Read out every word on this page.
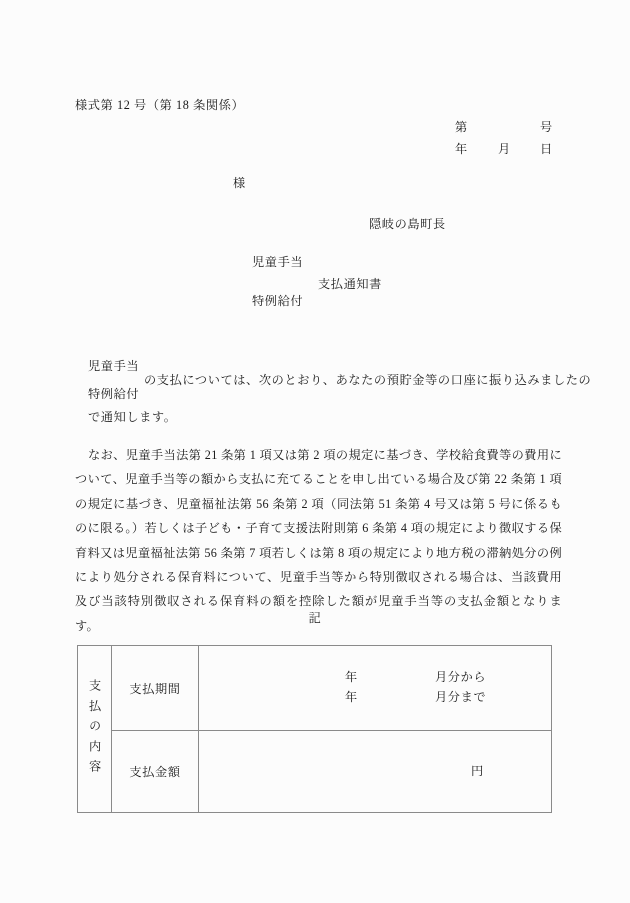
様式第 12 号（第 18 条関係）
第	号
年 月 日
様
隠岐の島町長
児童手当
特例給付
支払通知書
児童手当
特例給付
の支払については、次のとおり、あなたの預貯金等の口座に振り込みましたの
で通知します。
なお、児童手当法第 21 条第 1 項又は第 2 項の規定に基づき、学校給食費等の費用について、児童手当等の額から支払に充てることを申し出ている場合及び第 22 条第 1 項の規定に基づき、児童福祉法第 56 条第 2 項（同法第 51 条第 4 号又は第 5 号に係るものに限る。）若しくは子ども・子育て支援法附則第 6 条第 4 項の規定により徴収する保育料又は児童福祉法第 56 条第 7 項若しくは第 8 項の規定により地方税の滞納処分の例により処分される保育料について、児童手当等から特別徴収される場合は、当該費用及び当該特別徴収される保育料の額を控除した額が児童手当等の支払金額となります。
記
支払の内容	支払期間	年 月分から
年 月分まで

	支払金額	円
